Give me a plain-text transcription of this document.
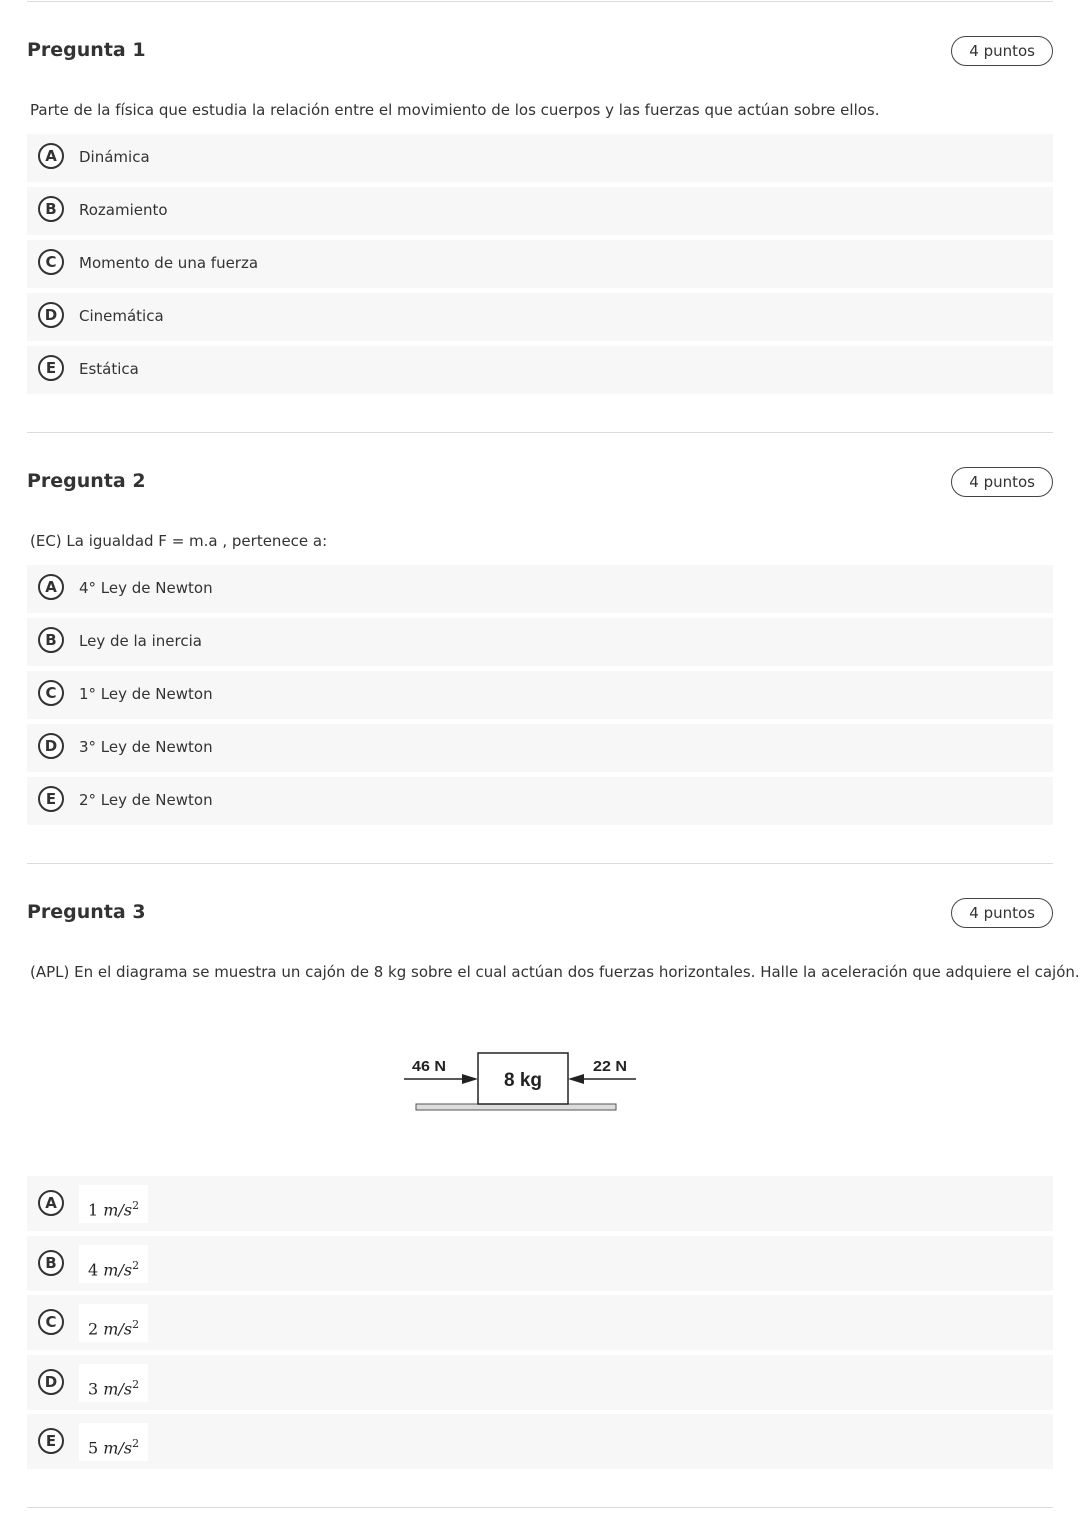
Pregunta 1	4 puntos
Parte de la física que estudia la relación entre el movimiento de los cuerpos y las fuerzas que actúan sobre ellos.
A	Dinámica
B	Rozamiento
C	Momento de una fuerza
D	Cinemática
E	Estática
Pregunta 2	4 puntos
(EC) La igualdad F = m.a , pertenece a:
A	4° Ley de Newton
B	Ley de la inercia
C	1° Ley de Newton
D	3° Ley de Newton
E	2° Ley de Newton
Pregunta 3	4 puntos
(APL) En el diagrama se muestra un cajón de 8 kg sobre el cual actúan dos fuerzas horizontales. Halle la aceleración que adquiere el cajón.
8 kg
46 N	22 N
A	1 $m/s^2$
B	4 $m/s^2$
C	2 $m/s^2$
D	3 $m/s^2$
E	5 $m/s^2$
